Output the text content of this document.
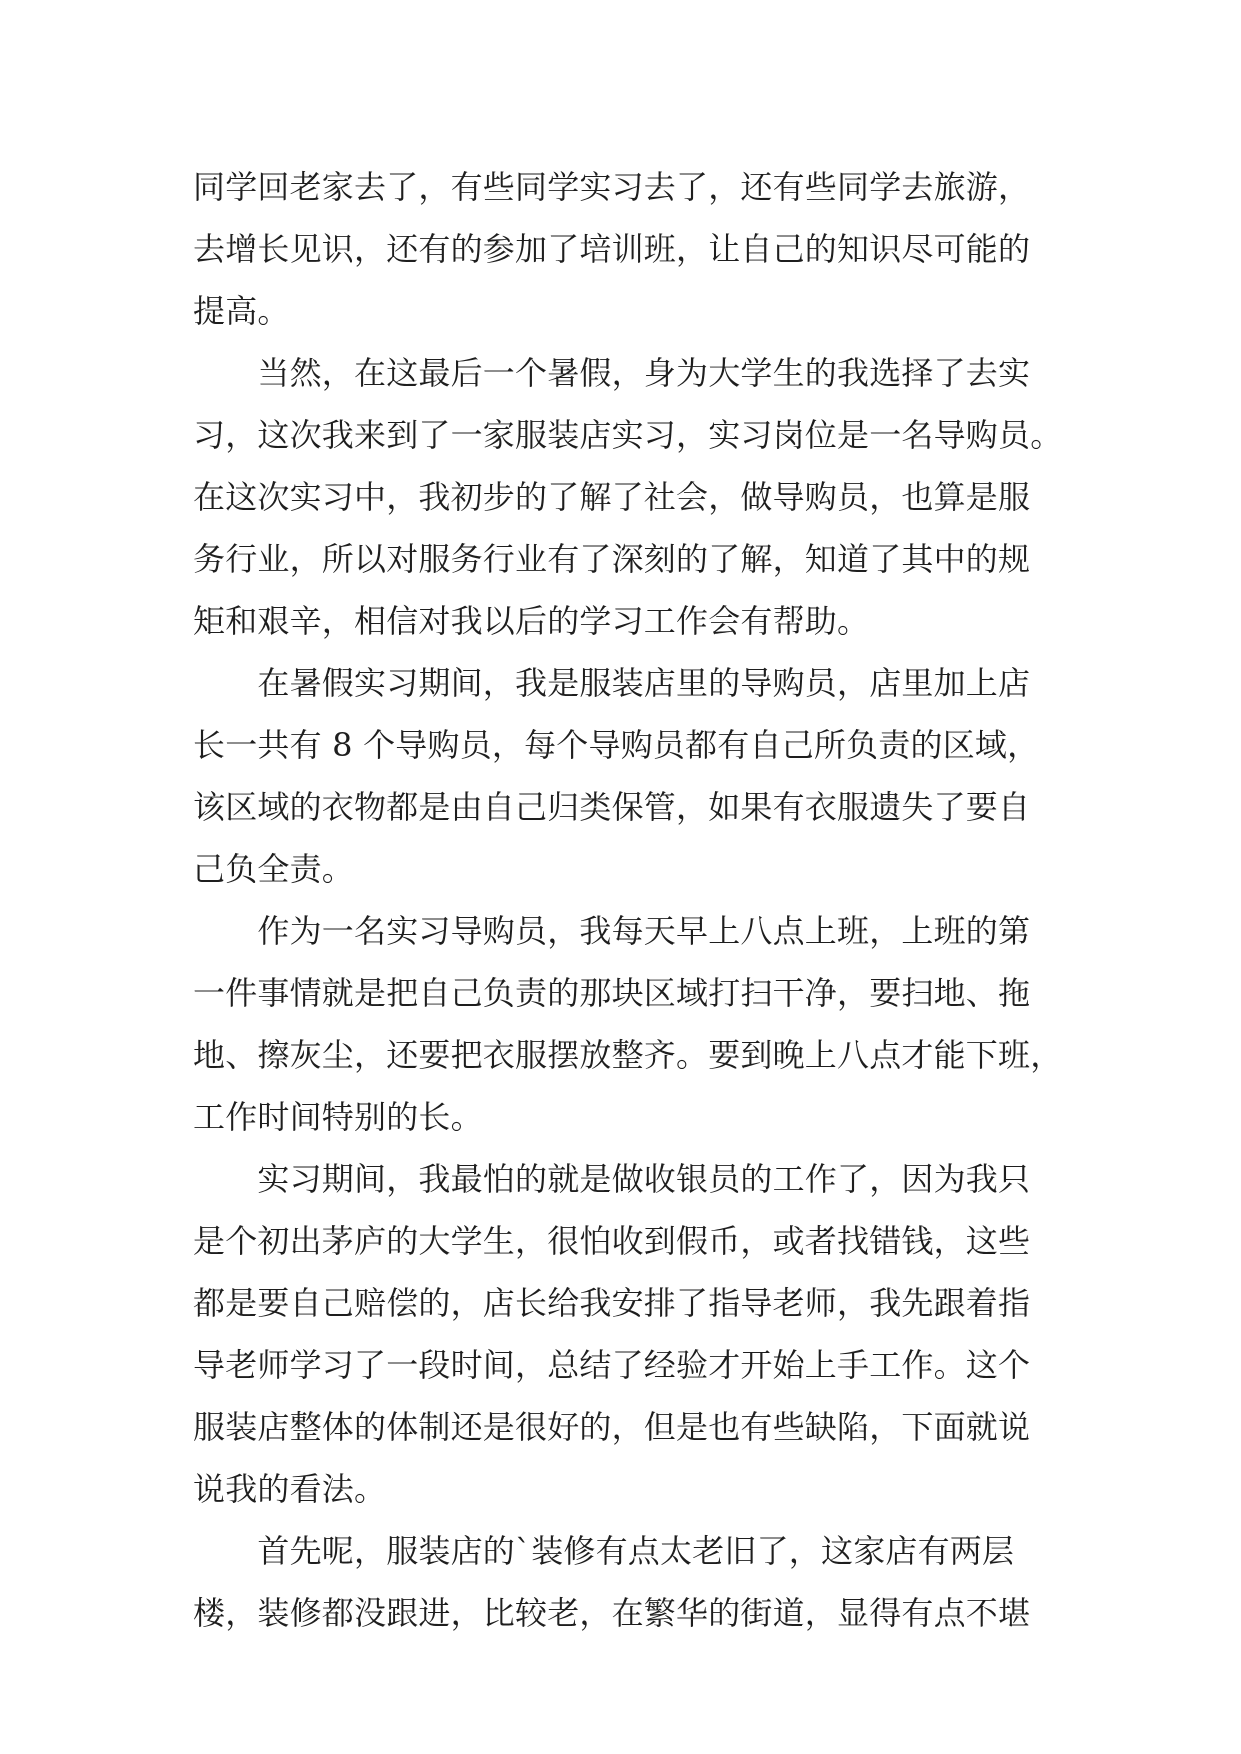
同学回老家去了，有些同学实习去了，还有些同学去旅游，
去增长见识，还有的参加了培训班，让自己的知识尽可能的
提高。
　　当然，在这最后一个暑假，身为大学生的我选择了去实
习，这次我来到了一家服装店实习，实习岗位是一名导购员。
在这次实习中，我初步的了解了社会，做导购员，也算是服
务行业，所以对服务行业有了深刻的了解，知道了其中的规
矩和艰辛，相信对我以后的学习工作会有帮助。
　　在暑假实习期间，我是服装店里的导购员，店里加上店
长一共有 8 个导购员，每个导购员都有自己所负责的区域，
该区域的衣物都是由自己归类保管，如果有衣服遗失了要自
己负全责。
　　作为一名实习导购员，我每天早上八点上班，上班的第
一件事情就是把自己负责的那块区域打扫干净，要扫地、拖
地、擦灰尘，还要把衣服摆放整齐。要到晚上八点才能下班，
工作时间特别的长。
　　实习期间，我最怕的就是做收银员的工作了，因为我只
是个初出茅庐的大学生，很怕收到假币，或者找错钱，这些
都是要自己赔偿的，店长给我安排了指导老师，我先跟着指
导老师学习了一段时间，总结了经验才开始上手工作。这个
服装店整体的体制还是很好的，但是也有些缺陷，下面就说
说我的看法。
　　首先呢，服装店的`装修有点太老旧了，这家店有两层
楼，装修都没跟进，比较老，在繁华的街道，显得有点不堪
